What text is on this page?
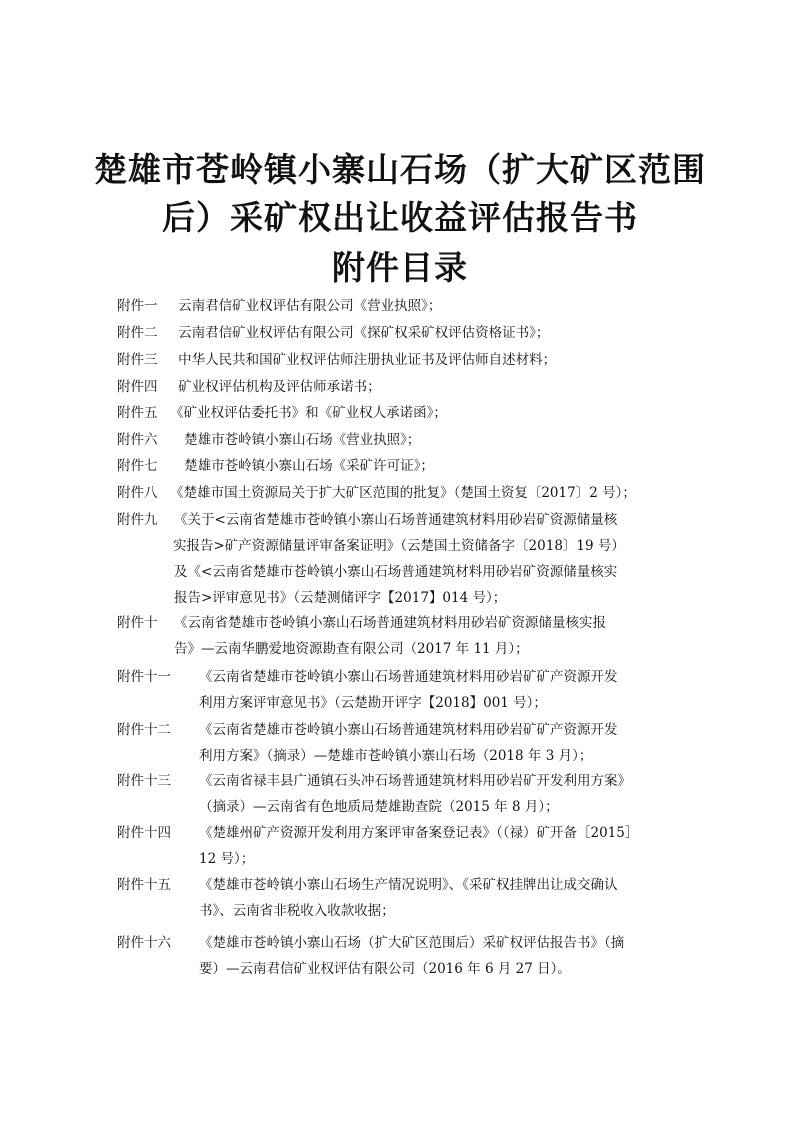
楚雄市苍岭镇小寨山石场（扩大矿区范围
后）采矿权出让收益评估报告书
附件目录
附件一 云南君信矿业权评估有限公司《营业执照》；
附件二 云南君信矿业权评估有限公司《探矿权采矿权评估资格证书》；
附件三 中华人民共和国矿业权评估师注册执业证书及评估师自述材料；
附件四 矿业权评估机构及评估师承诺书；
附件五 《矿业权评估委托书》和《矿业权人承诺函》；
附件六 楚雄市苍岭镇小寨山石场《营业执照》；
附件七 楚雄市苍岭镇小寨山石场《采矿许可证》；
附件八 《楚雄市国土资源局关于扩大矿区范围的批复》（楚国土资复〔2017〕2 号）；
附件九 《关于<云南省楚雄市苍岭镇小寨山石场普通建筑材料用砂岩矿资源储量核
实报告>矿产资源储量评审备案证明》（云楚国土资储备字〔2018〕19 号）
及《<云南省楚雄市苍岭镇小寨山石场普通建筑材料用砂岩矿资源储量核实
报告>评审意见书》（云楚测储评字【2017】014 号）；
附件十 《云南省楚雄市苍岭镇小寨山石场普通建筑材料用砂岩矿资源储量核实报
告》—云南华鹏爱地资源勘查有限公司（2017 年 11 月）；
附件十一 《云南省楚雄市苍岭镇小寨山石场普通建筑材料用砂岩矿矿产资源开发
利用方案评审意见书》（云楚勘开评字【2018】001 号）；
附件十二 《云南省楚雄市苍岭镇小寨山石场普通建筑材料用砂岩矿矿产资源开发
利用方案》（摘录）—楚雄市苍岭镇小寨山石场（2018 年 3 月）；
附件十三 《云南省禄丰县广通镇石头冲石场普通建筑材料用砂岩矿开发利用方案》
（摘录）—云南省有色地质局楚雄勘查院（2015 年 8 月）；
附件十四 《楚雄州矿产资源开发利用方案评审备案登记表》（（禄）矿开备［2015］
12 号）；
附件十五 《楚雄市苍岭镇小寨山石场生产情况说明》、《采矿权挂牌出让成交确认
书》、云南省非税收入收款收据；
附件十六 《楚雄市苍岭镇小寨山石场（扩大矿区范围后）采矿权评估报告书》（摘
要）—云南君信矿业权评估有限公司（2016 年 6 月 27 日）。
